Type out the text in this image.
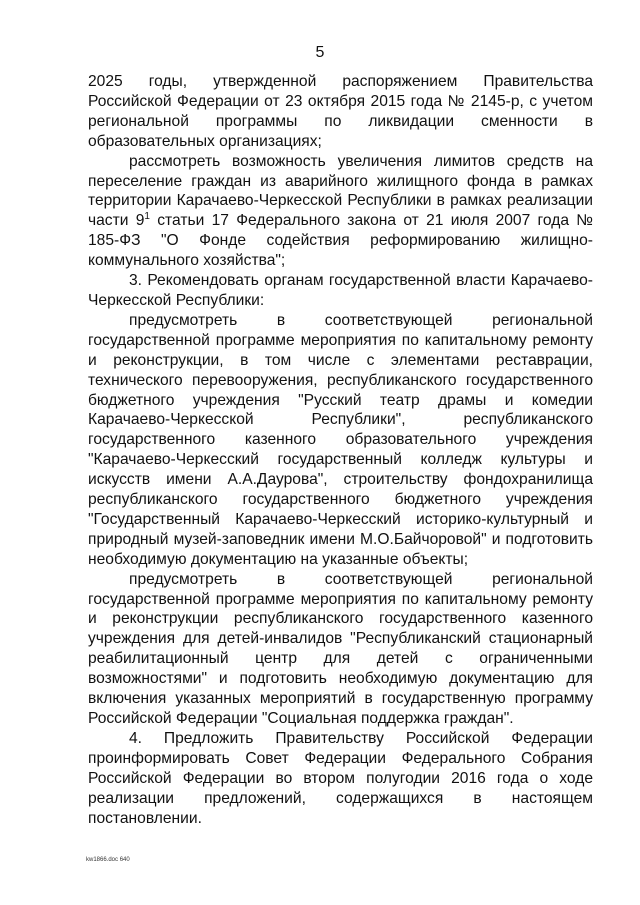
5

2025 годы, утвержденной распоряжением Правительства Российской Федерации от 23 октября 2015 года № 2145-р, с учетом региональной программы по ликвидации сменности в образовательных организациях;

рассмотреть возможность увеличения лимитов средств на переселение граждан из аварийного жилищного фонда в рамках территории Карачаево-Черкесской Республики в рамках реализации части $9^1$ статьи 17 Федерального закона от 21 июля 2007 года № 185-ФЗ "О Фонде содействия реформированию жилищно-коммунального хозяйства";

3. Рекомендовать органам государственной власти Карачаево-Черкесской Республики:

предусмотреть в соответствующей региональной государственной программе мероприятия по капитальному ремонту и реконструкции, в том числе с элементами реставрации, технического перевооружения, республиканского государственного бюджетного учреждения "Русский театр драмы и комедии Карачаево-Черкесской Республики", республиканского государственного казенного образовательного учреждения "Карачаево-Черкесский государственный колледж культуры и искусств имени А.А.Даурова", строительству фондохранилища республиканского государственного бюджетного учреждения "Государственный Карачаево-Черкесский историко-культурный и природный музей-заповедник имени М.О.Байчоровой" и подготовить необходимую документацию на указанные объекты;

предусмотреть в соответствующей региональной государственной программе мероприятия по капитальному ремонту и реконструкции республиканского государственного казенного учреждения для детей-инвалидов "Республиканский стационарный реабилитационный центр для детей с ограниченными возможностями" и подготовить необходимую документацию для включения указанных мероприятий в государственную программу Российской Федерации "Социальная поддержка граждан".

4. Предложить Правительству Российской Федерации проинформировать Совет Федерации Федерального Собрания Российской Федерации во втором полугодии 2016 года о ходе реализации предложений, содержащихся в настоящем постановлении.

kw1866.doc 640
